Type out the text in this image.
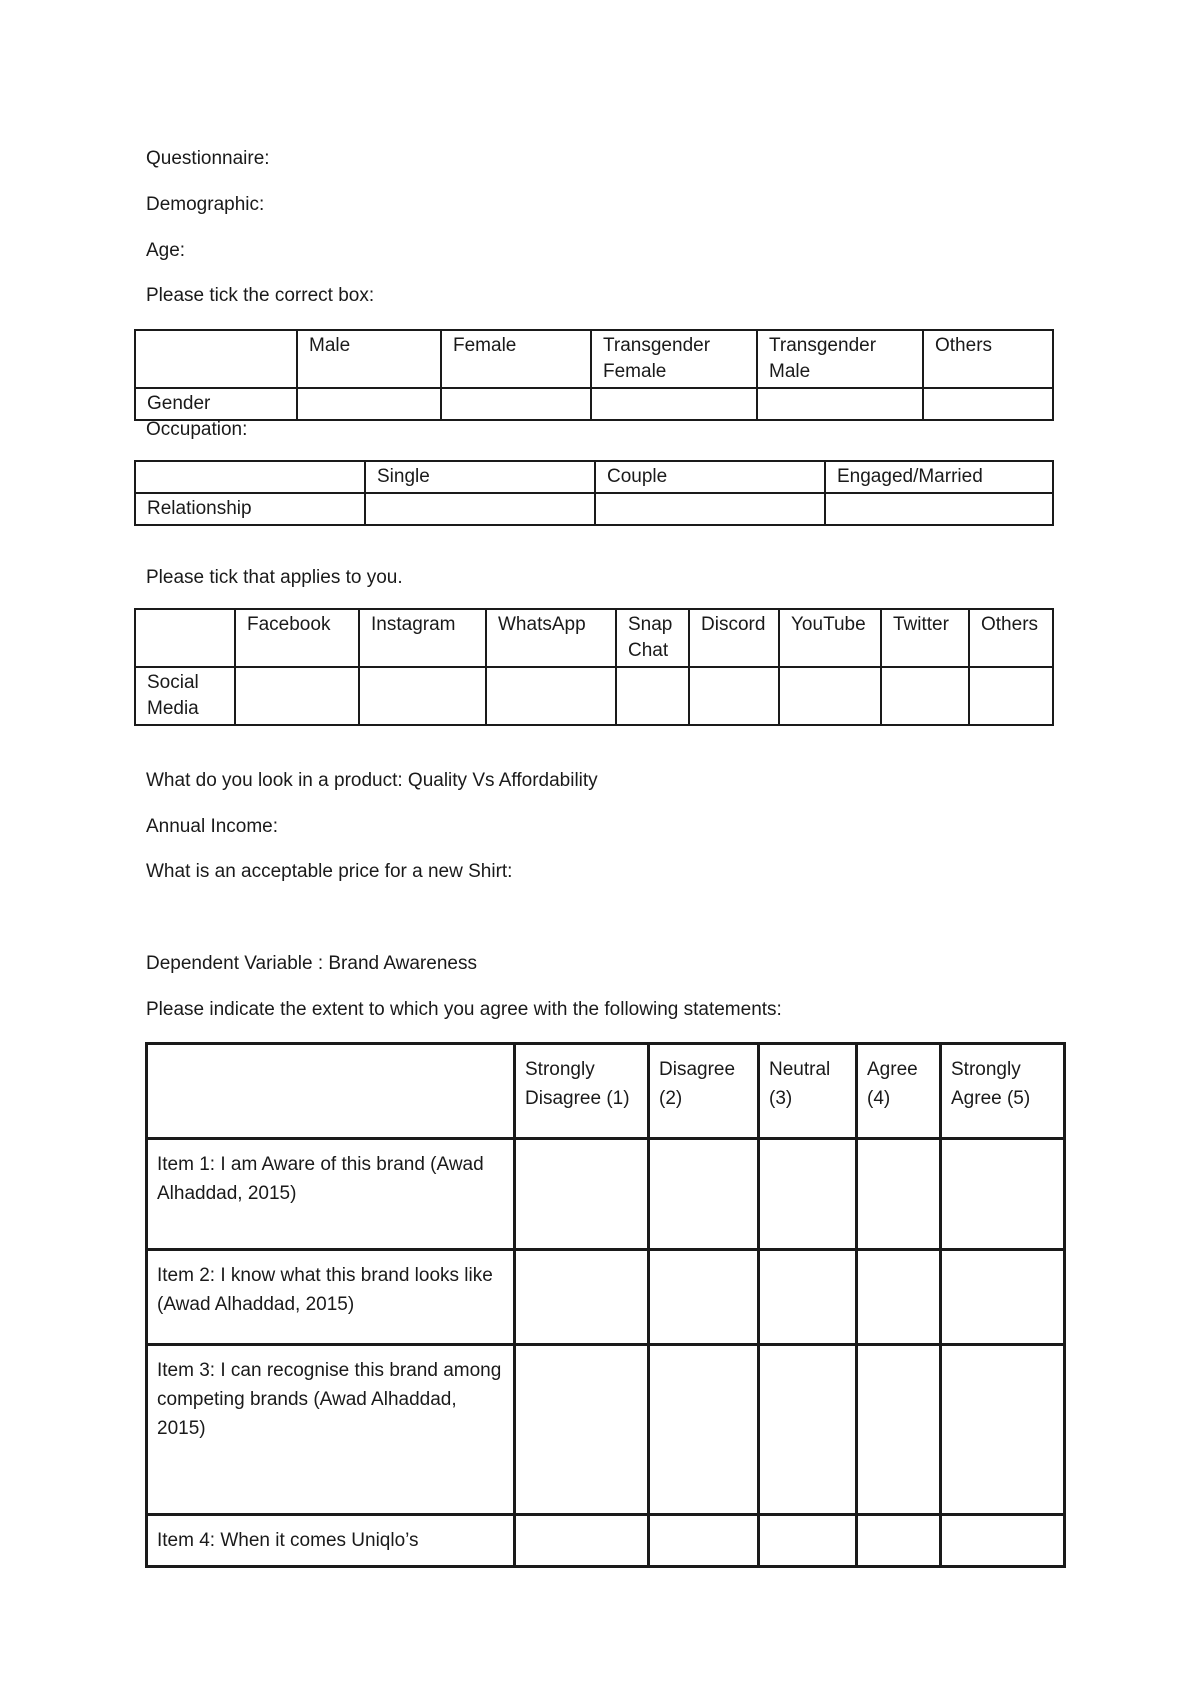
Questionnaire:

Demographic:

Age:

Please tick the correct box:

	Male	Female	Transgender Female	Transgender Male	Others
Gender					

Occupation:

	Single	Couple	Engaged/Married
Relationship			

Please tick that applies to you.

	Facebook	Instagram	WhatsApp	Snap Chat	Discord	YouTube	Twitter	Others
Social Media								

What do you look in a product: Quality Vs Affordability

Annual Income:

What is an acceptable price for a new Shirt:

Dependent Variable : Brand Awareness

Please indicate the extent to which you agree with the following statements:

	Strongly Disagree (1)	Disagree (2)	Neutral (3)	Agree (4)	Strongly Agree (5)
Item 1: I am Aware of this brand (Awad Alhaddad, 2015)					
Item 2: I know what this brand looks like (Awad Alhaddad, 2015)					
Item 3: I can recognise this brand among competing brands (Awad Alhaddad, 2015)					
Item 4: When it comes Uniqlo’s					
